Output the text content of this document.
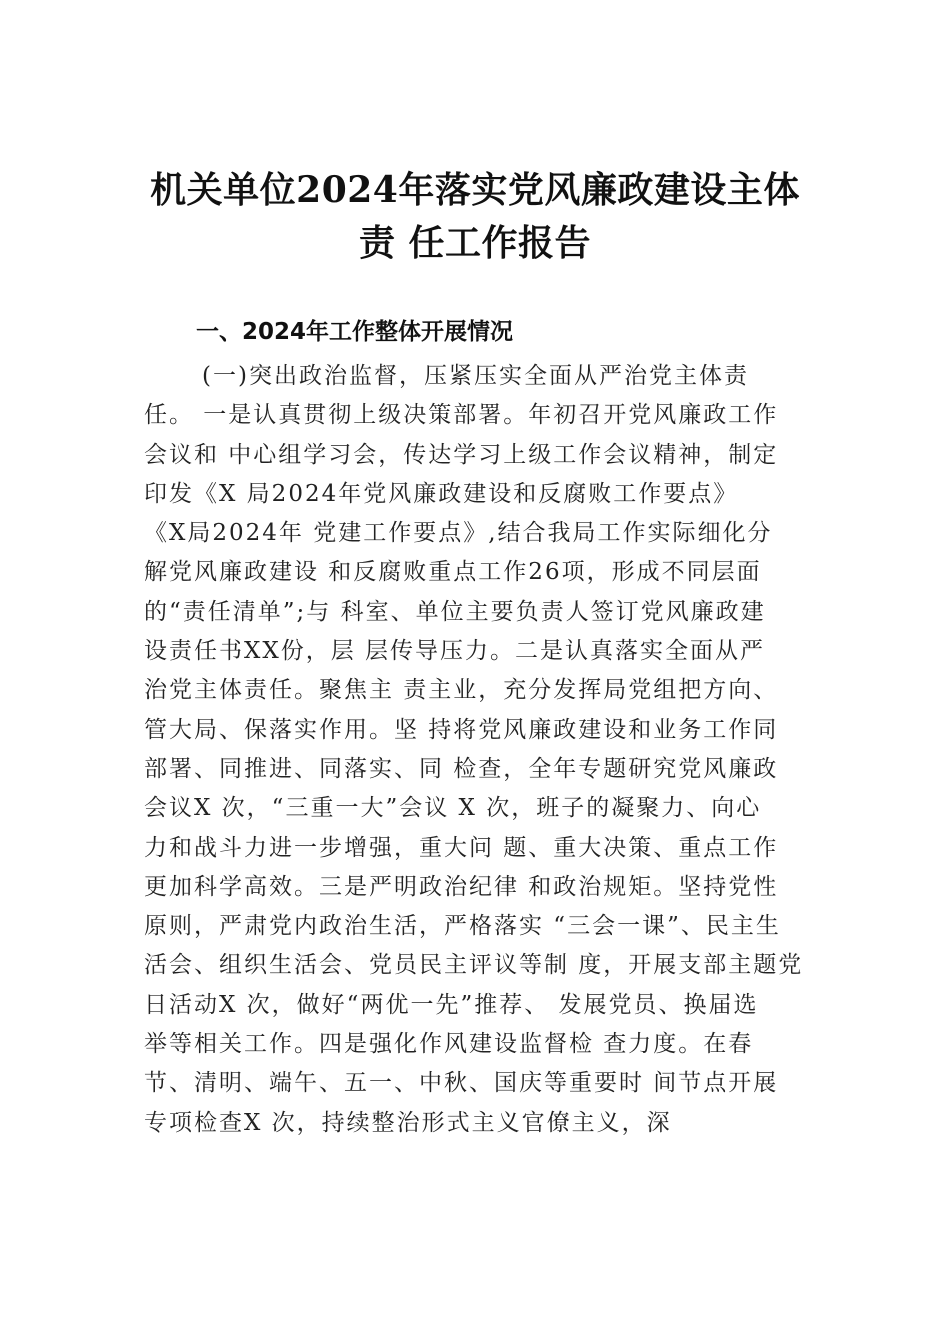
机关单位2024年落实党风廉政建设主体
责 任工作报告
一、2024年工作整体开展情况
(一)突出政治监督，压紧压实全面从严治党主体责
任。 一是认真贯彻上级决策部署。年初召开党风廉政工作
会议和 中心组学习会，传达学习上级工作会议精神，制定
印发《X 局2024年党风廉政建设和反腐败工作要点》
《X局2024年 党建工作要点》,结合我局工作实际细化分
解党风廉政建设 和反腐败重点工作26项，形成不同层面
的“责任清单”;与 科室、单位主要负责人签订党风廉政建
设责任书XX份，层 层传导压力。二是认真落实全面从严
治党主体责任。聚焦主 责主业，充分发挥局党组把方向、
管大局、保落实作用。坚 持将党风廉政建设和业务工作同
部署、同推进、同落实、同 检查，全年专题研究党风廉政
会议X 次，“三重一大”会议 X 次，班子的凝聚力、向心
力和战斗力进一步增强，重大问 题、重大决策、重点工作
更加科学高效。三是严明政治纪律 和政治规矩。坚持党性
原则，严肃党内政治生活，严格落实 “三会一课”、民主生
活会、组织生活会、党员民主评议等制 度，开展支部主题党
日活动X 次，做好“两优一先”推荐、 发展党员、换届选
举等相关工作。四是强化作风建设监督检 查力度。在春
节、清明、端午、五一、中秋、国庆等重要时 间节点开展
专项检查X 次，持续整治形式主义官僚主义，深
